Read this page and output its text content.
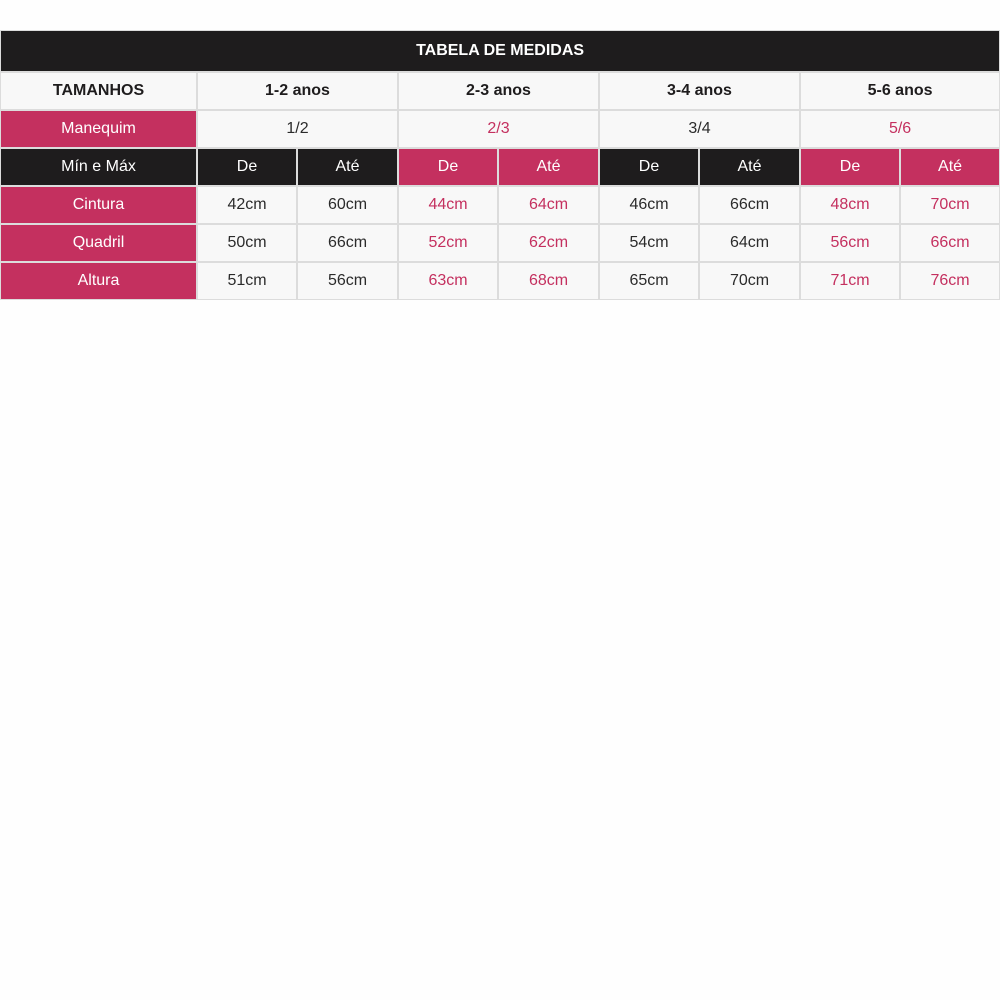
TABELA DE MEDIDAS								
TAMANHOS	1-2 anos		2-3 anos		3-4 anos		5-6 anos	
Manequim	1/2		2/3		3/4		5/6	
Mín e Máx	De	Até	De	Até	De	Até	De	Até
Cintura	42cm	60cm	44cm	64cm	46cm	66cm	48cm	70cm
Quadril	50cm	66cm	52cm	62cm	54cm	64cm	56cm	66cm
Altura	51cm	56cm	63cm	68cm	65cm	70cm	71cm	76cm
